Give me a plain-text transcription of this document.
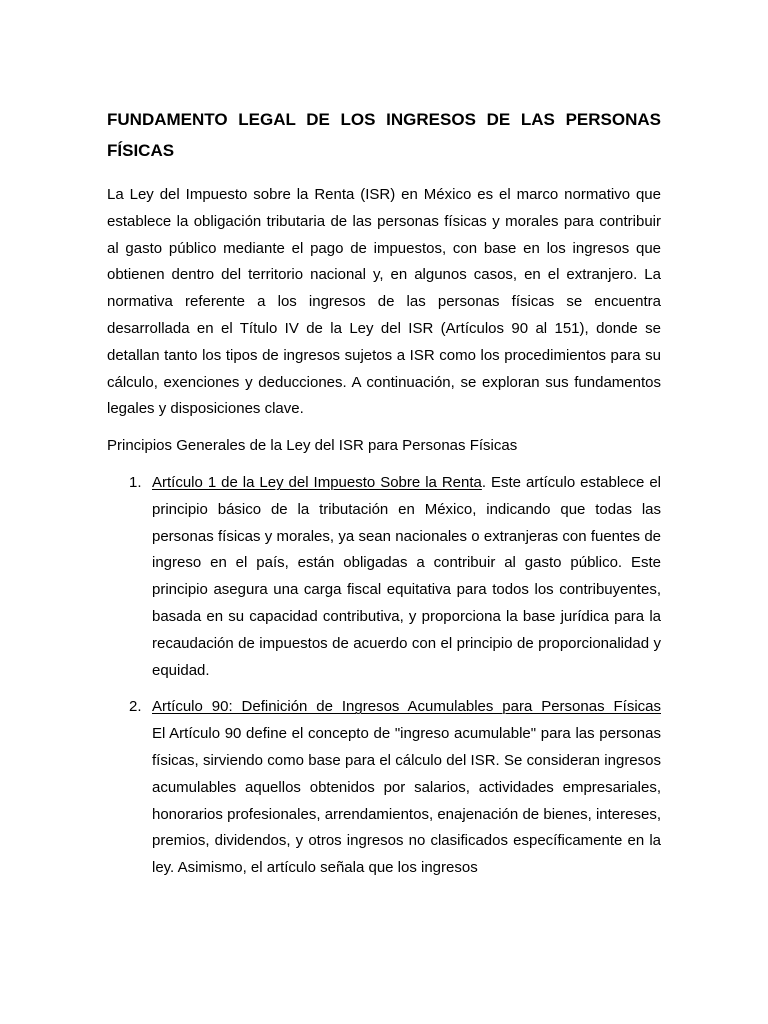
FUNDAMENTO LEGAL DE LOS INGRESOS DE LAS PERSONAS FÍSICAS

La Ley del Impuesto sobre la Renta (ISR) en México es el marco normativo que establece la obligación tributaria de las personas físicas y morales para contribuir al gasto público mediante el pago de impuestos, con base en los ingresos que obtienen dentro del territorio nacional y, en algunos casos, en el extranjero. La normativa referente a los ingresos de las personas físicas se encuentra desarrollada en el Título IV de la Ley del ISR (Artículos 90 al 151), donde se detallan tanto los tipos de ingresos sujetos a ISR como los procedimientos para su cálculo, exenciones y deducciones. A continuación, se exploran sus fundamentos legales y disposiciones clave.

Principios Generales de la Ley del ISR para Personas Físicas

1. Artículo 1 de la Ley del Impuesto Sobre la Renta. Este artículo establece el principio básico de la tributación en México, indicando que todas las personas físicas y morales, ya sean nacionales o extranjeras con fuentes de ingreso en el país, están obligadas a contribuir al gasto público. Este principio asegura una carga fiscal equitativa para todos los contribuyentes, basada en su capacidad contributiva, y proporciona la base jurídica para la recaudación de impuestos de acuerdo con el principio de proporcionalidad y equidad.
2. Artículo 90: Definición de Ingresos Acumulables para Personas Físicas
El Artículo 90 define el concepto de "ingreso acumulable" para las personas físicas, sirviendo como base para el cálculo del ISR. Se consideran ingresos acumulables aquellos obtenidos por salarios, actividades empresariales, honorarios profesionales, arrendamientos, enajenación de bienes, intereses, premios, dividendos, y otros ingresos no clasificados específicamente en la ley. Asimismo, el artículo señala que los ingresos
